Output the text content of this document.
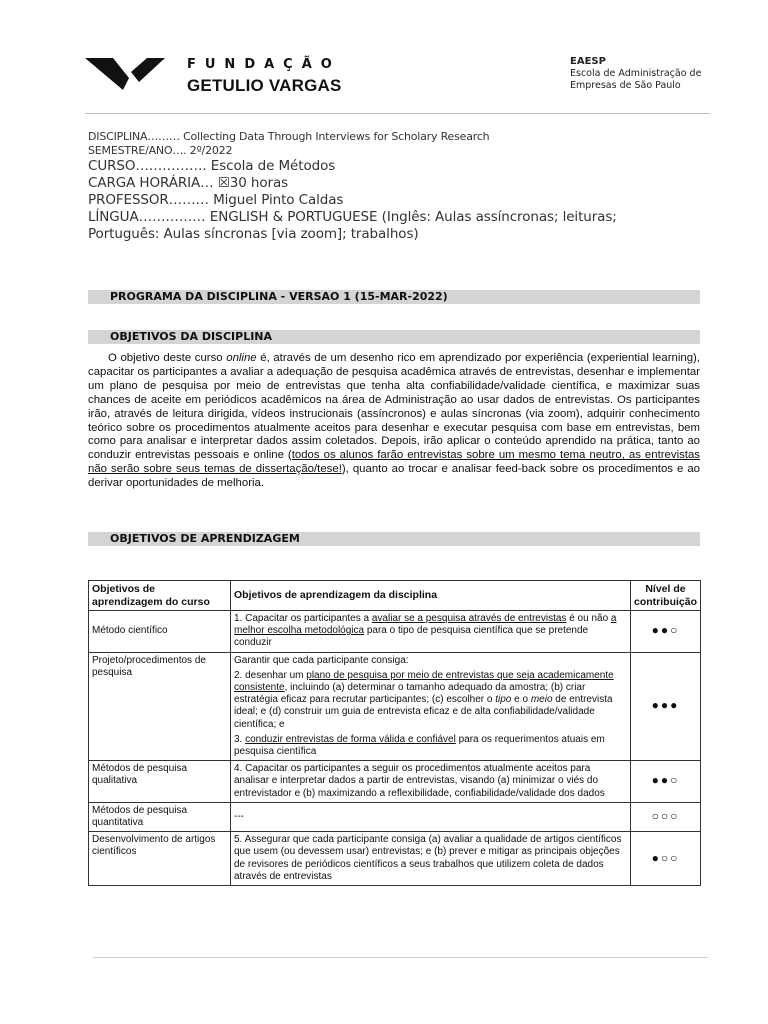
FUNDAÇÃO
GETULIO VARGAS
EAESP
Escola de Administração de
Empresas de São Paulo
DISCIPLINA……… Collecting Data Through Interviews for Scholary Research
SEMESTRE/ANO…. 2º/2022
CURSO……………. Escola de Métodos
CARGA HORÁRIA… ☒30 horas
PROFESSOR……… Miguel Pinto Caldas
LÍNGUA…………… ENGLISH & PORTUGUESE (Inglês: Aulas assíncronas; leituras;
Português: Aulas síncronas [via zoom]; trabalhos)
PROGRAMA DA DISCIPLINA - VERSAO 1 (15-MAR-2022)
OBJETIVOS DA DISCIPLINA
O objetivo deste curso online é, através de um desenho rico em aprendizado por experiência (experiential learning), capacitar os participantes a avaliar a adequação de pesquisa acadêmica através de entrevistas, desenhar e implementar um plano de pesquisa por meio de entrevistas que tenha alta confiabilidade/validade científica, e maximizar suas chances de aceite em periódicos acadêmicos na área de Administração ao usar dados de entrevistas. Os participantes irão, através de leitura dirigida, vídeos instrucionais (assíncronos) e aulas síncronas (via zoom), adquirir conhecimento teórico sobre os procedimentos atualmente aceitos para desenhar e executar pesquisa com base em entrevistas, bem como para analisar e interpretar dados assim coletados. Depois, irão aplicar o conteúdo aprendido na prática, tanto ao conduzir entrevistas pessoais e online (todos os alunos farão entrevistas sobre um mesmo tema neutro, as entrevistas não serão sobre seus temas de dissertação/tese!), quanto ao trocar e analisar feed-back sobre os procedimentos e ao derivar oportunidades de melhoria.
OBJETIVOS DE APRENDIZAGEM
Objetivos de aprendizagem do curso	Objetivos de aprendizagem da disciplina	Nível de contribuição
Método científico	1. Capacitar os participantes a avaliar se a pesquisa através de entrevistas é ou não a melhor escolha metodológica para o tipo de pesquisa científica que se pretende conduzir	●●○
Projeto/procedimentos de pesquisa	Garantir que cada participante consiga:
2. desenhar um plano de pesquisa por meio de entrevistas que seja academicamente consistente, incluindo (a) determinar o tamanho adequado da amostra; (b) criar estratégia eficaz para recrutar participantes; (c) escolher o tipo e o meio de entrevista ideal; e (d) construir um guia de entrevista eficaz e de alta confiabilidade/validade científica; e
3. conduzir entrevistas de forma válida e confiável para os requerimentos atuais em pesquisa científica	●●●
Métodos de pesquisa qualitativa	4. Capacitar os participantes a seguir os procedimentos atualmente aceitos para analisar e interpretar dados a partir de entrevistas, visando (a) minimizar o viés do entrevistador e (b) maximizando a reflexibilidade, confiabilidade/validade dos dados	●●○
Métodos de pesquisa quantitativa	---	○○○
Desenvolvimento de artigos científicos	5. Assegurar que cada participante consiga (a) avaliar a qualidade de artigos científicos que usem (ou devessem usar) entrevistas; e (b) prever e mitigar as principais objeções de revisores de periódicos científicos a seus trabalhos que utilizem coleta de dados através de entrevistas	●○○
